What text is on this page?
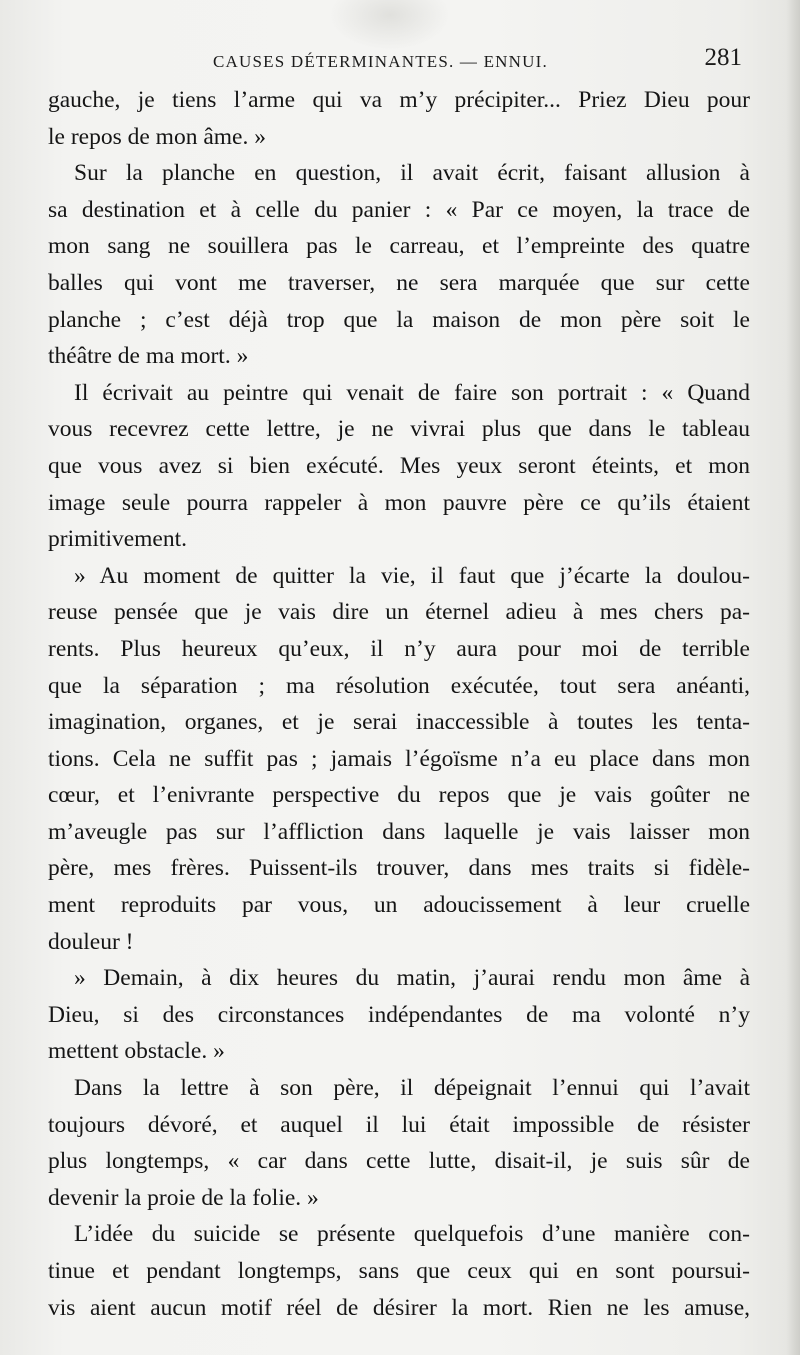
CAUSES DÉTERMINANTES. — ENNUI.	281
gauche, je tiens l’arme qui va m’y précipiter... Priez Dieu pour
le repos de mon âme. »
Sur la planche en question, il avait écrit, faisant allusion à
sa destination et à celle du panier : « Par ce moyen, la trace de
mon sang ne souillera pas le carreau, et l’empreinte des quatre
balles qui vont me traverser, ne sera marquée que sur cette
planche ; c’est déjà trop que la maison de mon père soit le
théâtre de ma mort. »
Il écrivait au peintre qui venait de faire son portrait : « Quand
vous recevrez cette lettre, je ne vivrai plus que dans le tableau
que vous avez si bien exécuté. Mes yeux seront éteints, et mon
image seule pourra rappeler à mon pauvre père ce qu’ils étaient
primitivement.
» Au moment de quitter la vie, il faut que j’écarte la doulou-
reuse pensée que je vais dire un éternel adieu à mes chers pa-
rents. Plus heureux qu’eux, il n’y aura pour moi de terrible
que la séparation ; ma résolution exécutée, tout sera anéanti,
imagination, organes, et je serai inaccessible à toutes les tenta-
tions. Cela ne suffit pas ; jamais l’égoïsme n’a eu place dans mon
cœur, et l’enivrante perspective du repos que je vais goûter ne
m’aveugle pas sur l’affliction dans laquelle je vais laisser mon
père, mes frères. Puissent-ils trouver, dans mes traits si fidèle-
ment reproduits par vous, un adoucissement à leur cruelle
douleur !
» Demain, à dix heures du matin, j’aurai rendu mon âme à
Dieu, si des circonstances indépendantes de ma volonté n’y
mettent obstacle. »
Dans la lettre à son père, il dépeignait l’ennui qui l’avait
toujours dévoré, et auquel il lui était impossible de résister
plus longtemps, « car dans cette lutte, disait-il, je suis sûr de
devenir la proie de la folie. »
L’idée du suicide se présente quelquefois d’une manière con-
tinue et pendant longtemps, sans que ceux qui en sont poursui-
vis aient aucun motif réel de désirer la mort. Rien ne les amuse,
